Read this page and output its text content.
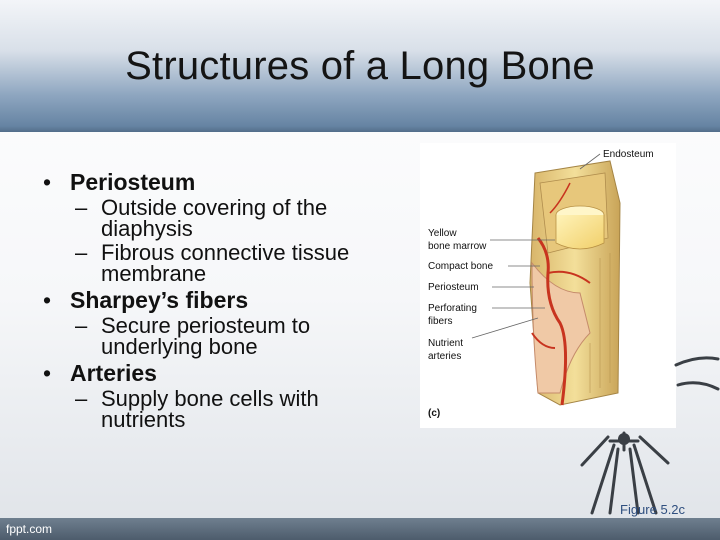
Structures of a Long Bone
• Periosteum
– Outside covering of the diaphysis
– Fibrous connective tissue membrane
• Sharpey’s fibers
– Secure periosteum to underlying bone
• Arteries
– Supply bone cells with nutrients
Endosteum
Yellow
bone marrow
Compact bone
Periosteum
Perforating
fibers
Nutrient
arteries
(c)
Figure 5.2c
fppt.com
